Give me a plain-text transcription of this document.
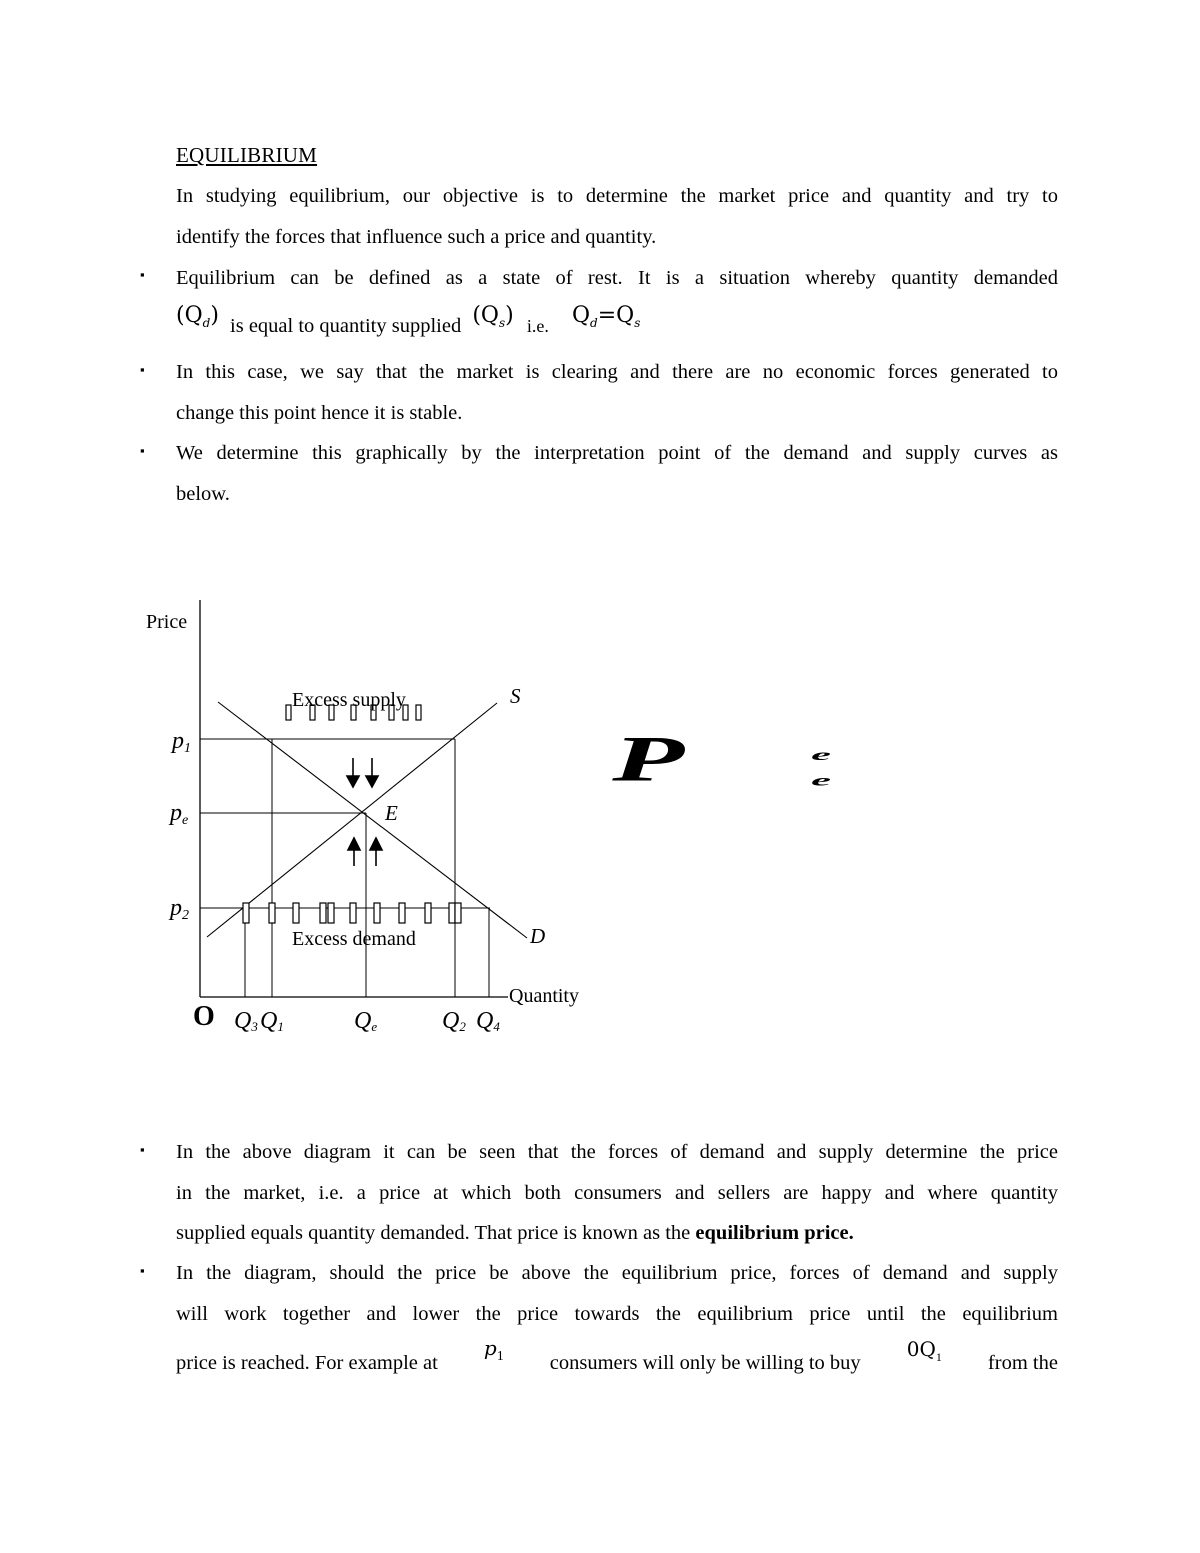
EQUILIBRIUM
In studying equilibrium, our objective is to determine the market price and quantity and try to
identify the forces that influence such a price and quantity.
▪ Equilibrium can be defined as a state of rest. It is a situation whereby quantity demanded
$(Q_d)$ is equal to quantity supplied $(Q_s)$ i.e. $Q_d=Q_s$
▪ In this case, we say that the market is clearing and there are no economic forces generated to
change this point hence it is stable.
▪ We determine this graphically by the interpretation point of the demand and supply curves as
below.
Price
Quantity
S
D
p1
pe
p2
O Q3 Q1	Qe	Q2 Q4
E
Excess supply
Excess demand
P	e
e
▪ In the above diagram it can be seen that the forces of demand and supply determine the price
in the market, i.e. a price at which both consumers and sellers are happy and where quantity
supplied equals quantity demanded. That price is known as the equilibrium price.
▪ In the diagram, should the price be above the equilibrium price, forces of demand and supply
will work together and lower the price towards the equilibrium price until the equilibrium
price is reached. For example at
$p_1$ consumers will only be willing to buy
$0Q_1$ from the
